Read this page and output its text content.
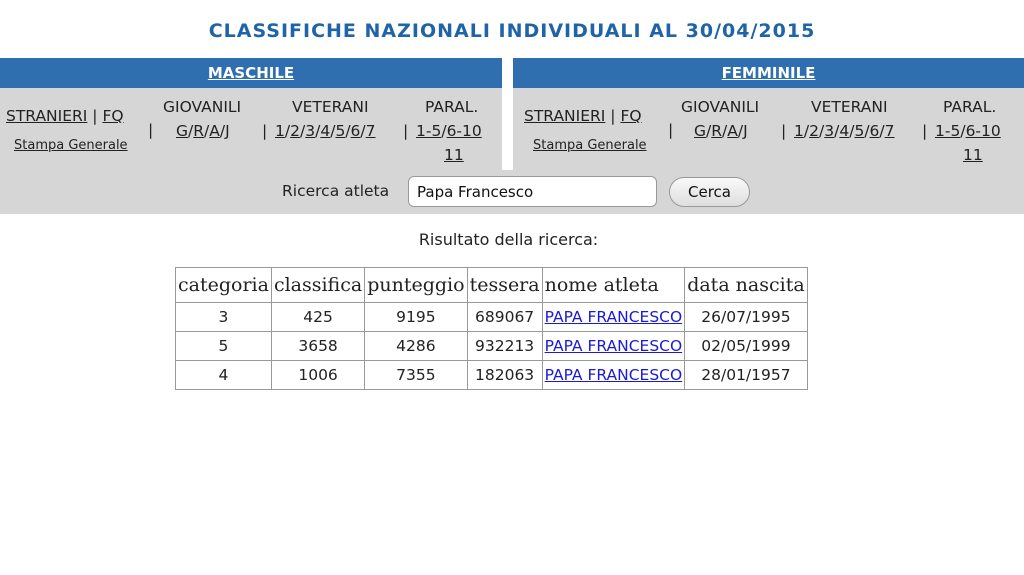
CLASSIFICHE NAZIONALI INDIVIDUALI AL 30/04/2015
MASCHILE
STRANIERI | FQ
Stampa Generale
|
GIOVANILI
G/R/A/J |
VETERANI
1/2/3/4/5/6/7 |
PARAL.
1-5/6-10
11
FEMMINILE
STRANIERI | FQ
Stampa Generale
|
GIOVANILI
G/R/A/J |
VETERANI
1/2/3/4/5/6/7 |
PARAL.
1-5/6-10
11
Ricerca atleta
Papa Francesco	Cerca
Risultato della ricerca:
categoria	classifica	punteggio	tessera	nome atleta	data nascita
3	425	9195	689067	PAPA FRANCESCO	26/07/1995
5	3658	4286	932213	PAPA FRANCESCO	02/05/1999
4	1006	7355	182063	PAPA FRANCESCO	28/01/1957
